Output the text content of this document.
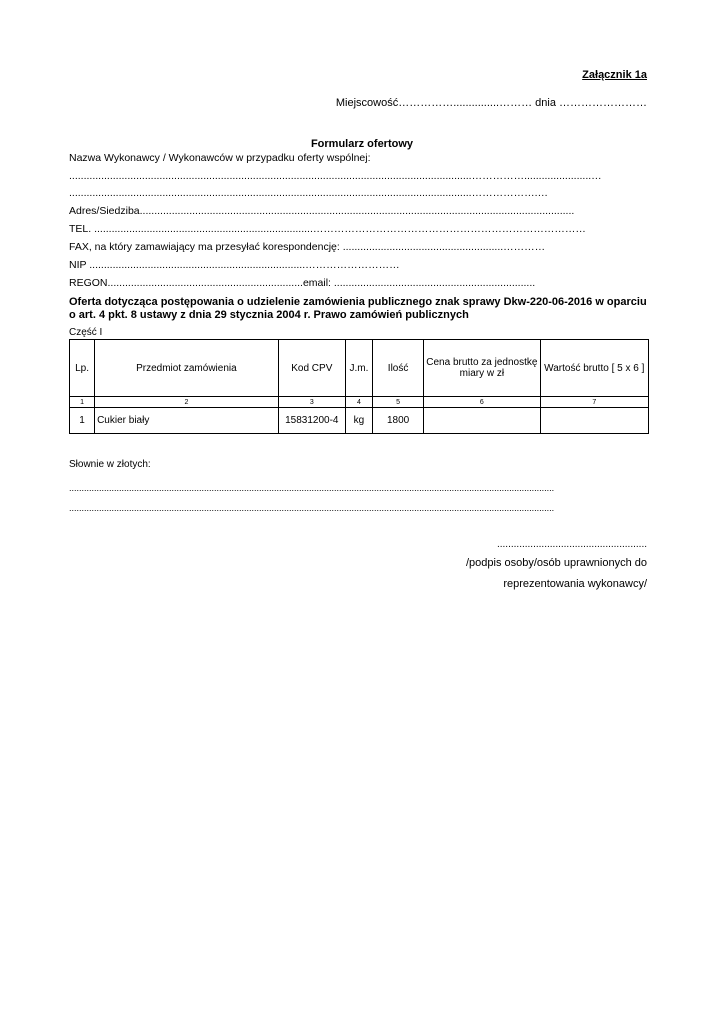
Załącznik 1a
Miejscowość……………...............……… dnia ……………………
Formularz ofertowy
Nazwa Wykonawcy / Wykonawców w przypadku oferty wspólnej:
..........................................................................................................................................…………….......................…
..........................................................................................................................................……………….…
Adres/Siedziba.....................................................................................................................................................
TEL. ...........................................................................……………………………………………………………………
FAX, na który zamawiający ma przesyłać korespondencję: .......................................................…………
NIP ..........................................................................………………………
REGON...................................................................email: .....................................................................
Oferta dotycząca postępowania o udzielenie zamówienia publicznego znak sprawy Dkw-220-06-2016 w oparciu o art. 4 pkt. 8 ustawy z dnia 29 stycznia 2004 r. Prawo zamówień publicznych
Część I
Lp.	Przedmiot zamówienia	Kod CPV	J.m.	Ilość	Cena brutto za jednostkę miary w zł	Wartość brutto [ 5 x 6 ]
1	2	3	4	5	6	7
1	Cukier biały	15831200-4	kg	1800		
Słownie w złotych:
..................................................................................................................................................................................................
..................................................................................................................................................................................................
......................................................
/podpis osoby/osób uprawnionych do
reprezentowania wykonawcy/
